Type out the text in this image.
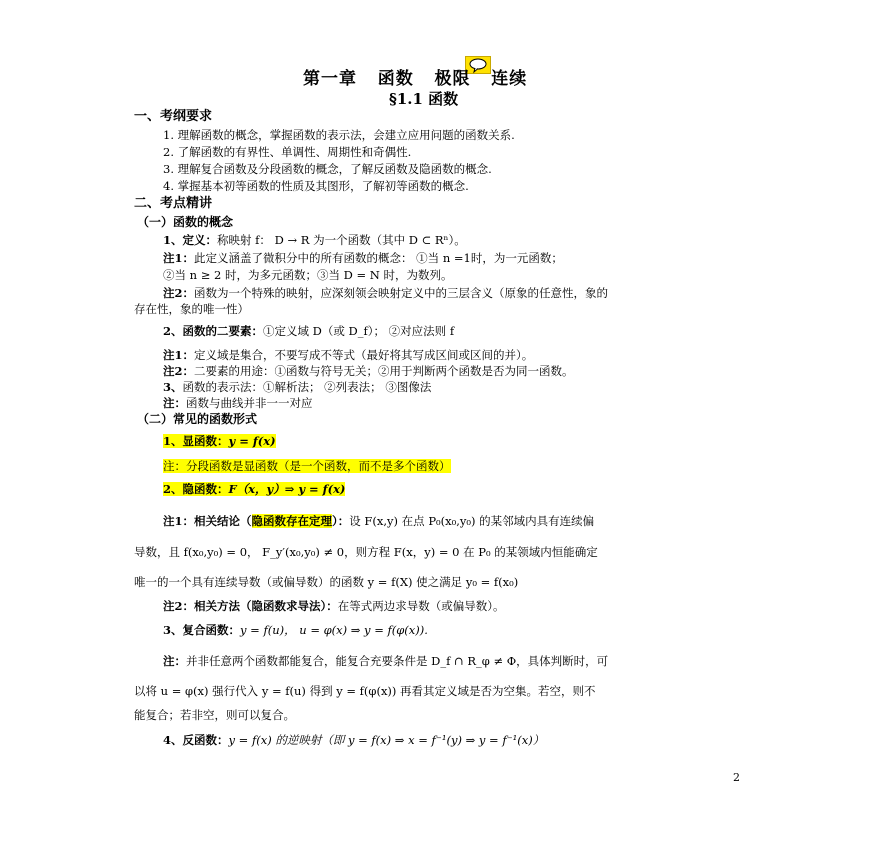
第一章 函数 极限 连续
§1.1 函数
一、考纲要求
1. 理解函数的概念，掌握函数的表示法，会建立应用问题的函数关系.
2. 了解函数的有界性、单调性、周期性和奇偶性.
3. 理解复合函数及分段函数的概念，了解反函数及隐函数的概念.
4. 掌握基本初等函数的性质及其图形，了解初等函数的概念.
二、考点精讲
（一）函数的概念
1、定义：称映射 f： D → R 为一个函数（其中 D ⊂ Rⁿ）。
注1：此定义涵盖了微积分中的所有函数的概念： ①当 n =1时，为一元函数；
②当 n ≥ 2 时，为多元函数；③当 D = N 时，为数列。
注2：函数为一个特殊的映射，应深刻领会映射定义中的三层含义（原象的任意性，象的
存在性，象的唯一性）
2、函数的二要素：①定义域 D（或 D_f）； ②对应法则 f
注1：定义域是集合，不要写成不等式（最好将其写成区间或区间的并）。
注2：二要素的用途：①函数与符号无关；②用于判断两个函数是否为同一函数。
3、函数的表示法：①解析法； ②列表法； ③图像法
注：函数与曲线并非一一对应
（二）常见的函数形式
1、显函数：y = f(x)
注：分段函数是显函数（是一个函数，而不是多个函数）
2、隐函数：F（x，y）⇒ y = f(x)
注1：相关结论（隐函数存在定理）：设 F(x,y) 在点 P₀(x₀,y₀) 的某邻域内具有连续偏
导数，且 f(x₀,y₀) = 0， F_y′(x₀,y₀) ≠ 0，则方程 F(x，y) = 0 在 P₀ 的某领域内恒能确定
唯一的一个具有连续导数（或偏导数）的函数 y = f(X) 使之满足 y₀ = f(x₀)
注2：相关方法（隐函数求导法）：在等式两边求导数（或偏导数）。
3、复合函数：y = f(u)， u = φ(x) ⇒ y = f(φ(x)).
注：并非任意两个函数都能复合，能复合充要条件是 D_f ∩ R_φ ≠ Φ，具体判断时，可
以将 u = φ(x) 强行代入 y = f(u) 得到 y = f(φ(x)) 再看其定义域是否为空集。若空，则不
能复合；若非空，则可以复合。
4、反函数：y = f(x) 的逆映射（即 y = f(x) ⇒ x = f⁻¹(y) ⇒ y = f⁻¹(x)）
2
